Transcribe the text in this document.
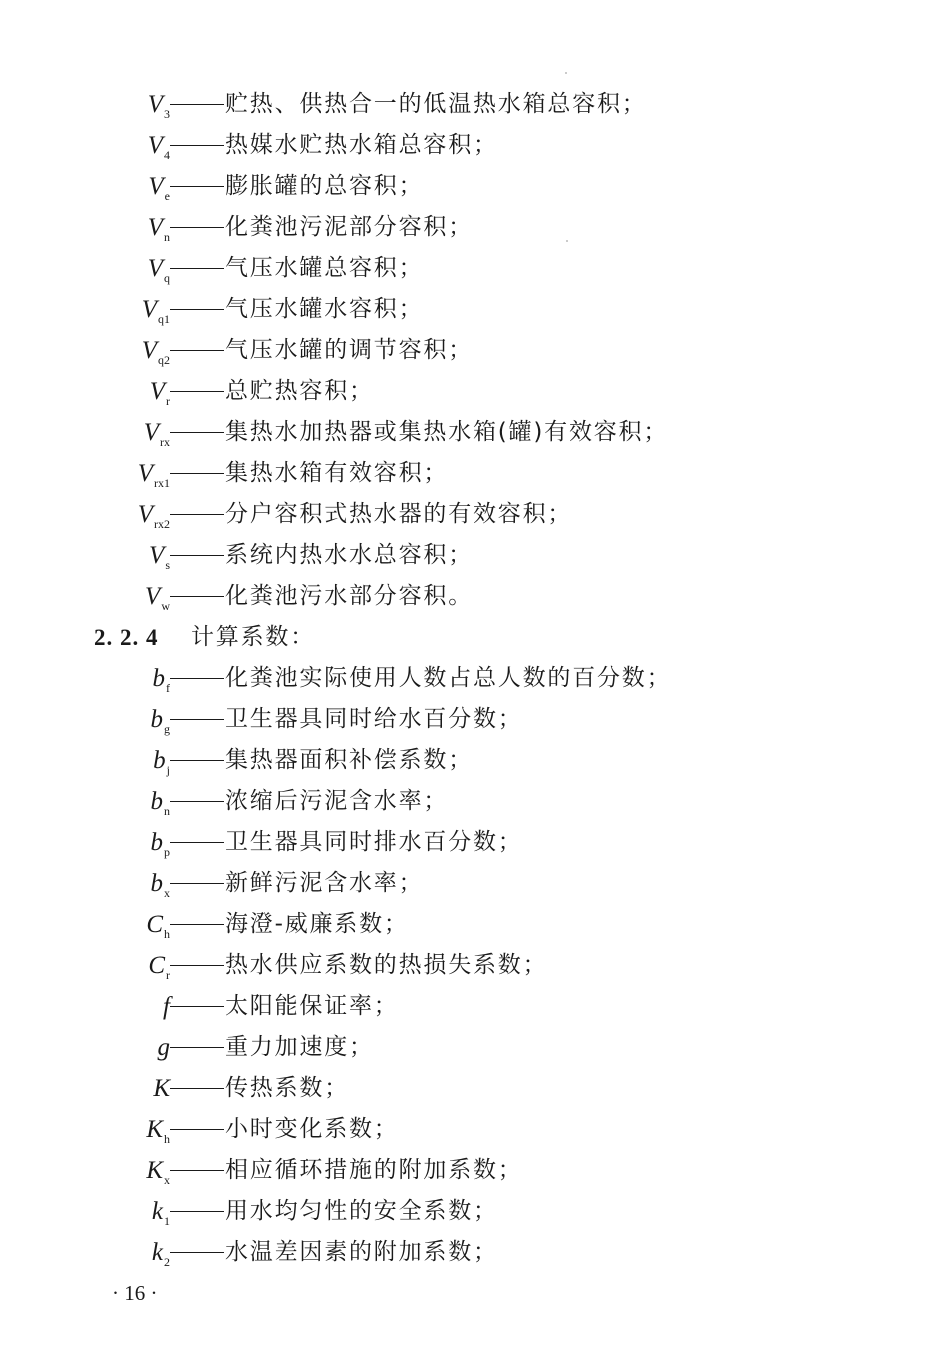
$V_3$ 贮热、供热合一的低温热水箱总容积；
$V_4$ 热媒水贮热水箱总容积；
$V_e$ 膨胀罐的总容积；
$V_n$ 化粪池污泥部分容积；
$V_q$ 气压水罐总容积；
$V_{q1}$ 气压水罐水容积；
$V_{q2}$ 气压水罐的调节容积；
$V_r$ 总贮热容积；
$V_{rx}$ 集热水加热器或集热水箱(罐)有效容积；
$V_{rx1}$ 集热水箱有效容积；
$V_{rx2}$ 分户容积式热水器的有效容积；
$V_s$ 系统内热水水总容积；
$V_w$ 化粪池污水部分容积。
2. 2. 4 计算系数：
$b_f$ 化粪池实际使用人数占总人数的百分数；
$b_g$ 卫生器具同时给水百分数；
$b_j$ 集热器面积补偿系数；
$b_n$ 浓缩后污泥含水率；
$b_p$ 卫生器具同时排水百分数；
$b_x$ 新鲜污泥含水率；
$C_h$ 海澄-威廉系数；
$C_r$ 热水供应系数的热损失系数；
f 太阳能保证率；
g 重力加速度；
K 传热系数；
$K_h$ 小时变化系数；
$K_x$ 相应循环措施的附加系数；
$k_1$ 用水均匀性的安全系数；
$k_2$ 水温差因素的附加系数；
· 16 ·
